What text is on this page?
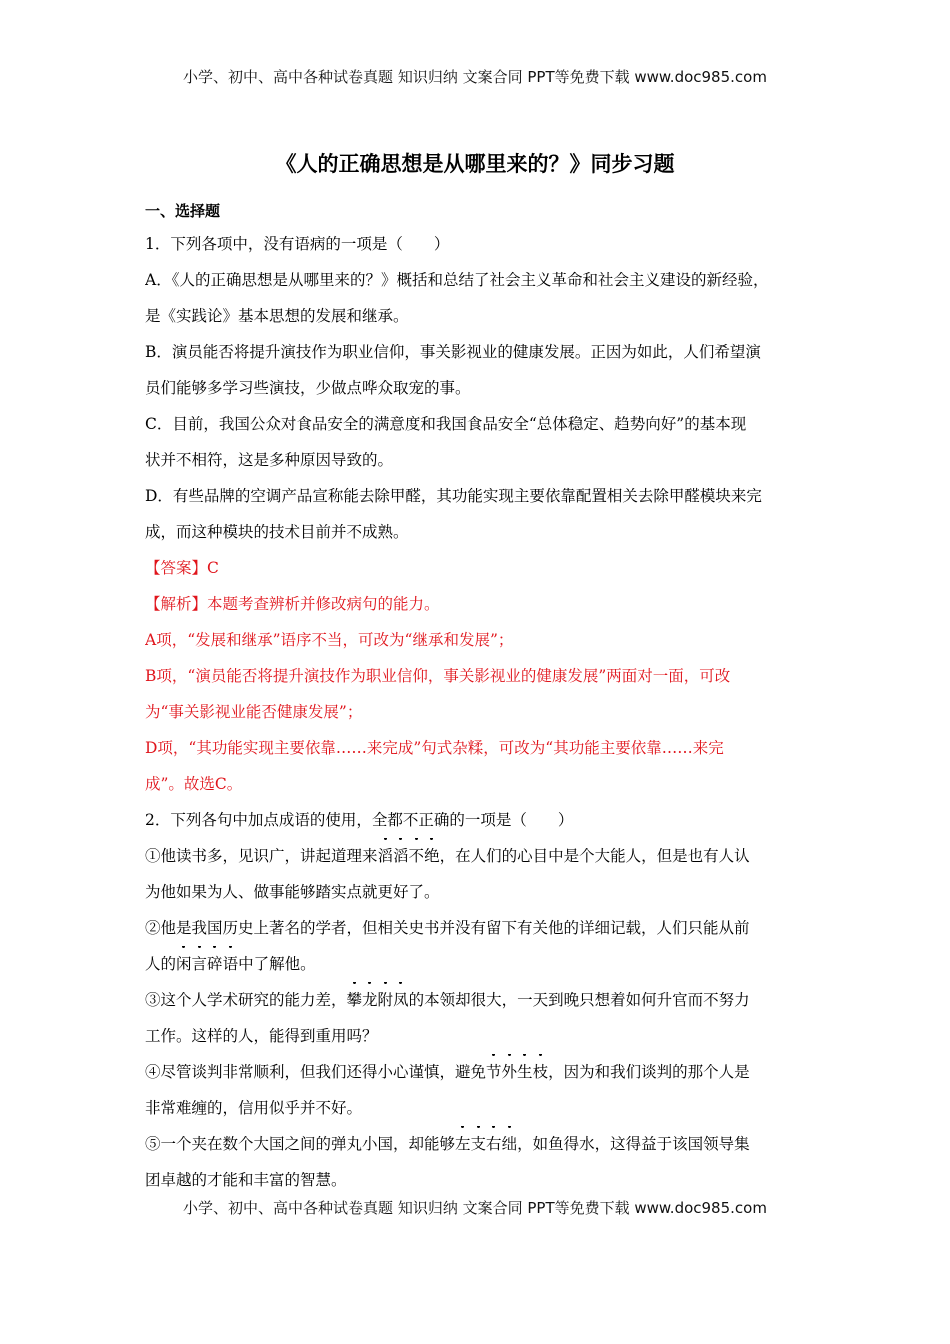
小学、初中、高中各种试卷真题 知识归纳 文案合同 PPT等免费下载 www.doc985.com
《人的正确思想是从哪里来的？》同步习题
一、选择题
1．下列各项中，没有语病的一项是（　　）
A．《人的正确思想是从哪里来的？》概括和总结了社会主义革命和社会主义建设的新经验，
是《实践论》基本思想的发展和继承。
B．演员能否将提升演技作为职业信仰，事关影视业的健康发展。正因为如此，人们希望演
员们能够多学习些演技，少做点哗众取宠的事。
C．目前，我国公众对食品安全的满意度和我国食品安全“总体稳定、趋势向好”的基本现
状并不相符，这是多种原因导致的。
D．有些品牌的空调产品宣称能去除甲醛，其功能实现主要依靠配置相关去除甲醛模块来完
成，而这种模块的技术目前并不成熟。
【答案】C
【解析】本题考查辨析并修改病句的能力。
A项，“发展和继承”语序不当，可改为“继承和发展”；
B项，“演员能否将提升演技作为职业信仰，事关影视业的健康发展”两面对一面，可改
为“事关影视业能否健康发展”；
D项，“其功能实现主要依靠……来完成”句式杂糅，可改为“其功能主要依靠……来完
成”。故选C。
2．下列各句中加点成语的使用，全都不正确的一项是（　　）
①他读书多，见识广，讲起道理来滔滔不绝，在人们的心目中是个大能人，但是也有人认
为他如果为人、做事能够踏实点就更好了。
②他是我国历史上著名的学者，但相关史书并没有留下有关他的详细记载，人们只能从前
人的闲言碎语中了解他。
③这个人学术研究的能力差，攀龙附凤的本领却很大，一天到晚只想着如何升官而不努力
工作。这样的人，能得到重用吗？
④尽管谈判非常顺利，但我们还得小心谨慎，避免节外生枝，因为和我们谈判的那个人是
非常难缠的，信用似乎并不好。
⑤一个夹在数个大国之间的弹丸小国，却能够左支右绌，如鱼得水，这得益于该国领导集
团卓越的才能和丰富的智慧。
小学、初中、高中各种试卷真题 知识归纳 文案合同 PPT等免费下载 www.doc985.com
